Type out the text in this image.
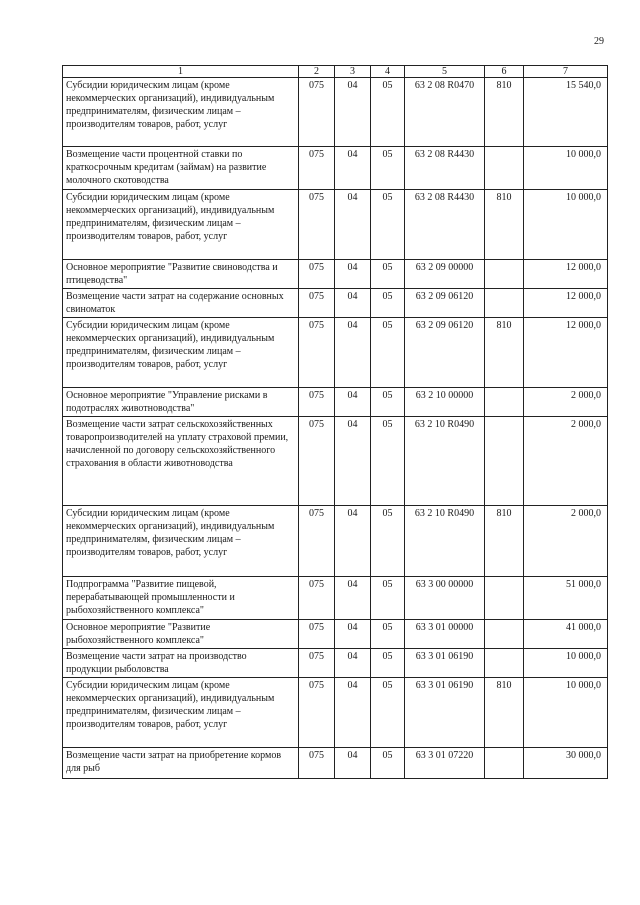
29
1	2	3	4	5	6	7
Субсидии юридическим лицам (кроме некоммерческих организаций), индивидуальным предпринимателям, физическим лицам – производителям товаров, работ, услуг	075	04	05	63 2 08 R0470	810	15 540,0
Возмещение части процентной ставки по краткосрочным кредитам (займам) на развитие молочного скотоводства	075	04	05	63 2 08 R4430		10 000,0
Субсидии юридическим лицам (кроме некоммерческих организаций), индивидуальным предпринимателям, физическим лицам – производителям товаров, работ, услуг	075	04	05	63 2 08 R4430	810	10 000,0
Основное мероприятие "Развитие свиноводства и птицеводства"	075	04	05	63 2 09 00000		12 000,0
Возмещение части затрат на содержание основных свиноматок	075	04	05	63 2 09 06120		12 000,0
Субсидии юридическим лицам (кроме некоммерческих организаций), индивидуальным предпринимателям, физическим лицам – производителям товаров, работ, услуг	075	04	05	63 2 09 06120	810	12 000,0
Основное мероприятие "Управление рисками в подотраслях животноводства"	075	04	05	63 2 10 00000		2 000,0
Возмещение части затрат сельскохозяйственных товаропроизводителей на уплату страховой премии, начисленной по договору сельскохозяйственного страхования в области животноводства	075	04	05	63 2 10 R0490		2 000,0
Субсидии юридическим лицам (кроме некоммерческих организаций), индивидуальным предпринимателям, физическим лицам – производителям товаров, работ, услуг	075	04	05	63 2 10 R0490	810	2 000,0
Подпрограмма "Развитие пищевой, перерабатывающей промышленности и рыбохозяйственного комплекса"	075	04	05	63 3 00 00000		51 000,0
Основное мероприятие "Развитие рыбохозяйственного комплекса"	075	04	05	63 3 01 00000		41 000,0
Возмещение части затрат на производство продукции рыболовства	075	04	05	63 3 01 06190		10 000,0
Субсидии юридическим лицам (кроме некоммерческих организаций), индивидуальным предпринимателям, физическим лицам – производителям товаров, работ, услуг	075	04	05	63 3 01 06190	810	10 000,0
Возмещение части затрат на приобретение кормов для рыб	075	04	05	63 3 01 07220		30 000,0
